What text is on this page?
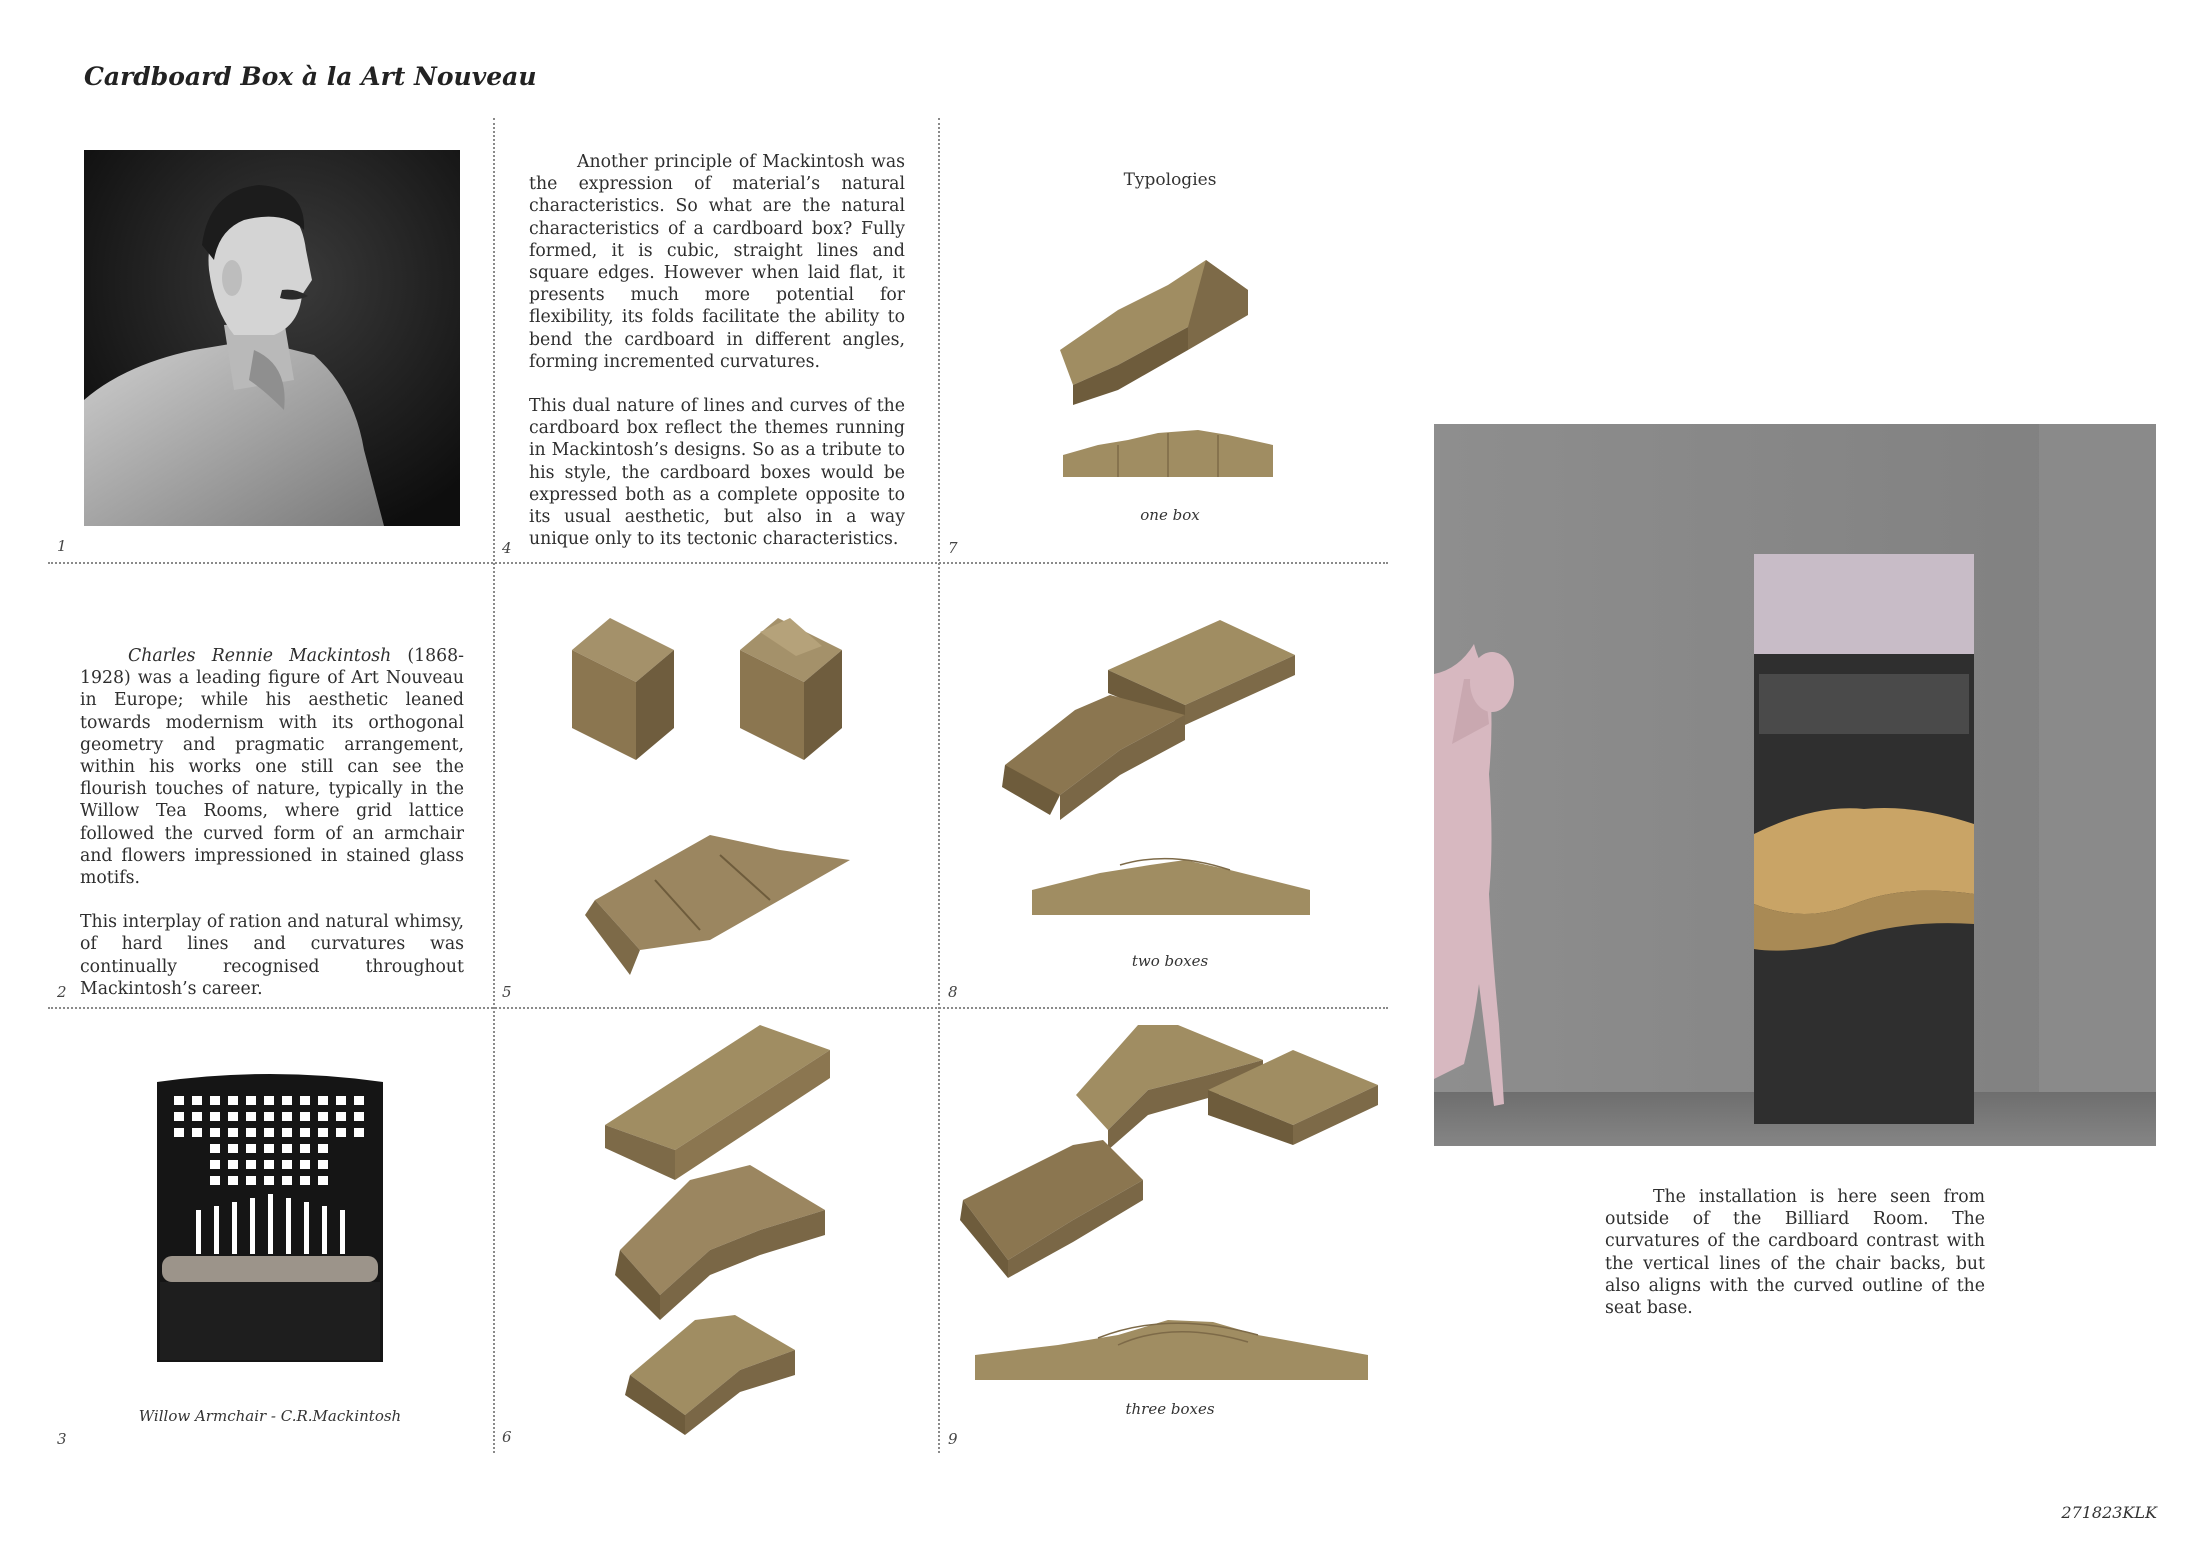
Cardboard Box à la Art Nouveau
1
2
3
4
5
6
7
8
9

Charles Rennie Mackintosh (1868-1928) was a leading figure of Art Nouveau in Europe; while his aesthetic leaned towards modernism with its orthogonal geometry and pragmatic arrangement, within his works one still can see the flourish touches of nature, typically in the Willow Tea Rooms, where grid lattice followed the curved form of an armchair and flowers impressioned in stained glass motifs.

This interplay of ration and natural whimsy, of hard lines and curvatures was continually recognised throughout Mackintosh’s career.

Willow Armchair - C.R.Mackintosh

Another principle of Mackintosh was the expression of material’s natural characteristics. So what are the natural characteristics of a cardboard box? Fully formed, it is cubic, straight lines and square edges. However when laid flat, it presents much more potential for flexibility, its folds facilitate the ability to bend the cardboard in different angles, forming incremented curvatures.

This dual nature of lines and curves of the cardboard box reflect the themes running in Mackintosh’s designs. So as a tribute to his style, the cardboard boxes would be expressed both as a complete opposite to its usual aesthetic, but also in a way unique only to its tectonic characteristics.

Typologies
one box
two boxes
three boxes
The installation is here seen from outside of the Billiard Room. The curvatures of the cardboard contrast with the vertical lines of the chair backs, but also aligns with the curved outline of the seat base.
271823KLK
